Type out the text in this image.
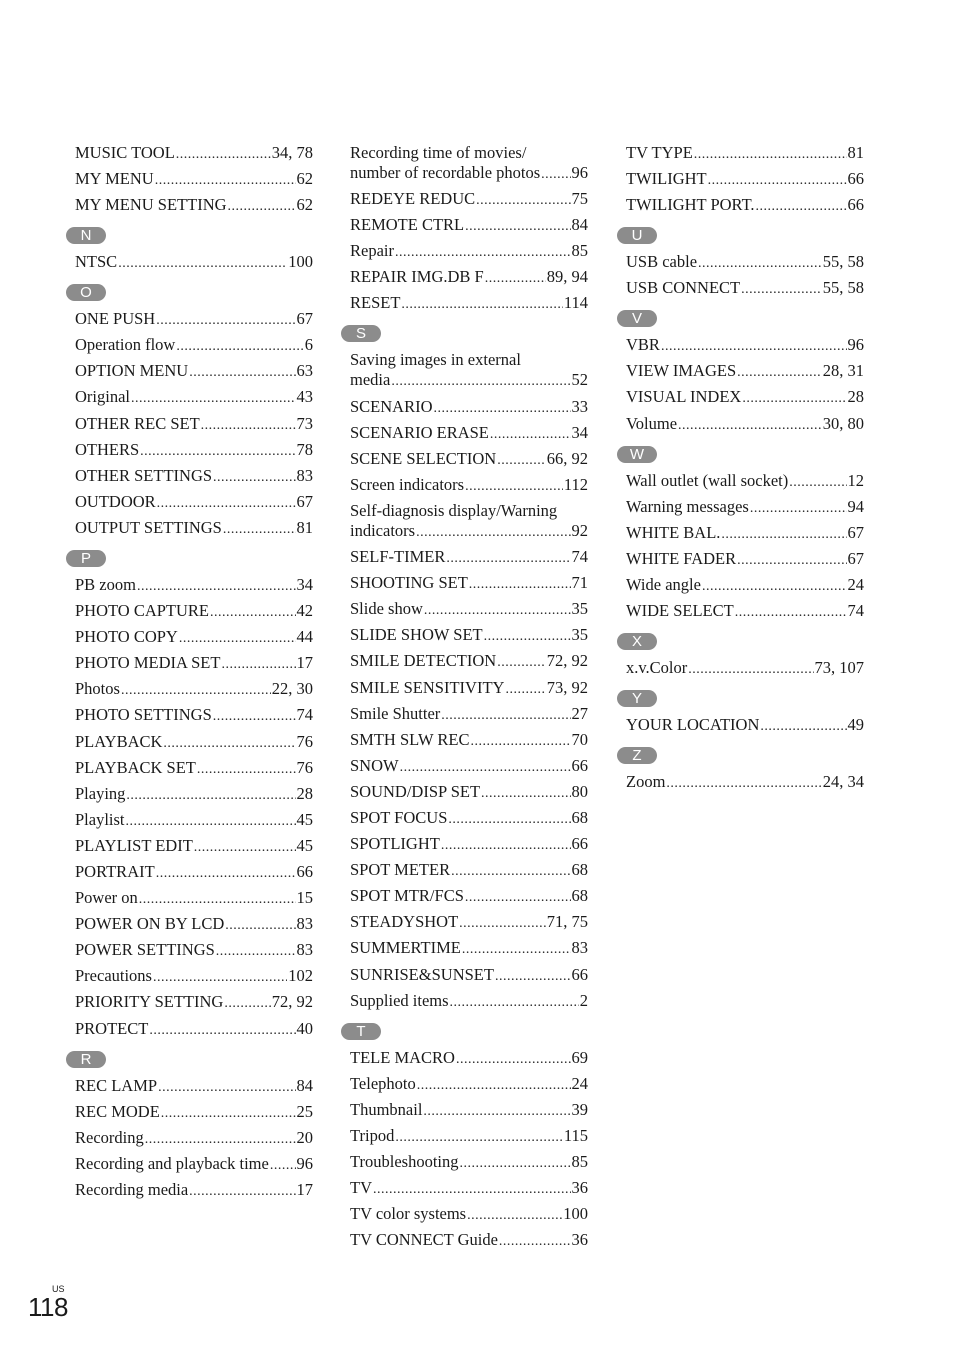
MUSIC TOOL .....	34, 78
MY MENU .....	62
MY MENU SETTING .....	62
N
NTSC .....	100
O
ONE PUSH .....	67
Operation flow .....	6
OPTION MENU .....	63
Original .....	43
OTHER REC SET .....	73
OTHERS .....	78
OTHER SETTINGS .....	83
OUTDOOR .....	67
OUTPUT SETTINGS .....	81
P
PB zoom .....	34
PHOTO CAPTURE .....	42
PHOTO COPY .....	44
PHOTO MEDIA SET .....	17
Photos .....	22, 30
PHOTO SETTINGS .....	74
PLAYBACK .....	76
PLAYBACK SET .....	76
Playing .....	28
Playlist .....	45
PLAYLIST EDIT .....	45
PORTRAIT .....	66
Power on .....	15
POWER ON BY LCD .....	83
POWER SETTINGS .....	83
Precautions .....	102
PRIORITY SETTING .....	72, 92
PROTECT .....	40
R
REC LAMP .....	84
REC MODE .....	25
Recording .....	20
Recording and playback time ..... 96
Recording media .....	17
Recording time of movies/
number of recordable photos ..... 96
REDEYE REDUC .....	75
REMOTE CTRL .....	84
Repair .....	85
REPAIR IMG.DB F .....	89, 94
RESET .....	114
S
Saving images in external
media .....	52
SCENARIO .....	33
SCENARIO ERASE .....	34
SCENE SELECTION .....	66, 92
Screen indicators .....	112
Self-diagnosis display/Warning
indicators .....	92
SELF-TIMER .....	74
SHOOTING SET .....	71
Slide show .....	35
SLIDE SHOW SET .....	35
SMILE DETECTION .....	72, 92
SMILE SENSITIVITY .....	73, 92
Smile Shutter .....	27
SMTH SLW REC .....	70
SNOW .....	66
SOUND/DISP SET .....	80
SPOT FOCUS .....	68
SPOTLIGHT .....	66
SPOT METER .....	68
SPOT MTR/FCS .....	68
STEADYSHOT .....	71, 75
SUMMERTIME .....	83
SUNRISE&SUNSET .....	66
Supplied items .....	2
T
TELE MACRO .....	69
Telephoto .....	24
Thumbnail .....	39
Tripod .....	115
Troubleshooting .....	85
TV .....	36
TV color systems .....	100
TV CONNECT Guide .....	36
TV TYPE .....	81
TWILIGHT .....	66
TWILIGHT PORT. .....	66
U
USB cable .....	55, 58
USB CONNECT .....	55, 58
V
VBR .....	96
VIEW IMAGES .....	28, 31
VISUAL INDEX .....	28
Volume .....	30, 80
W
Wall outlet (wall socket) .....	12
Warning messages .....	94
WHITE BAL. .....	67
WHITE FADER .....	67
Wide angle .....	24
WIDE SELECT .....	74
X
x.v.Color .....	73, 107
Y
YOUR LOCATION .....	49
Z
Zoom .....	24, 34
US
118
